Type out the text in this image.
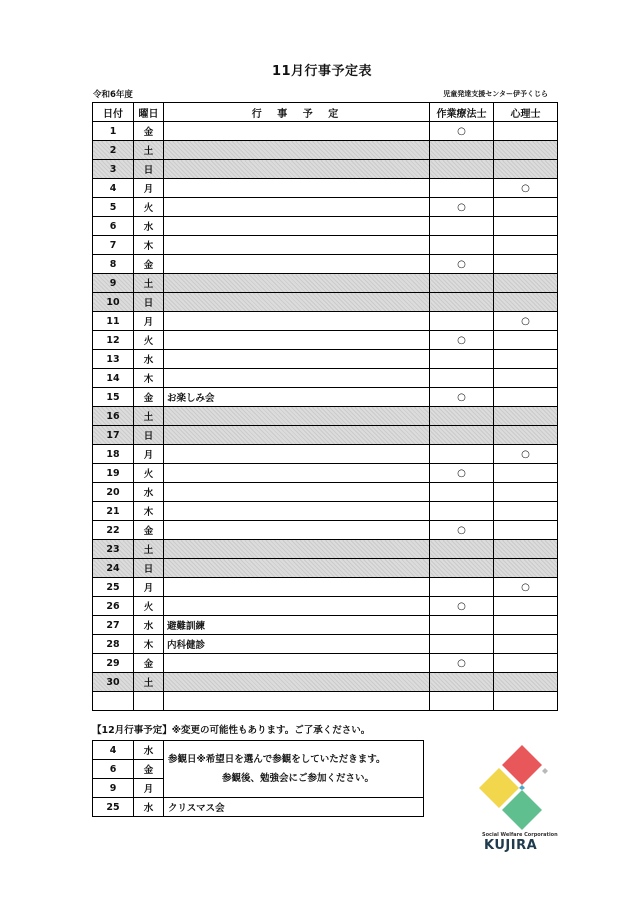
11月行事予定表
令和6年度	児童発達支援センター伊予くじら
日付	曜日	行 事 予 定	作業療法士	心理士
1	金		○	
2	土			
3	日			
4	月			○
5	火		○	
6	水			
7	木			
8	金		○	
9	土			
10	日			
11	月			○
12	火		○	
13	水			
14	木			
15	金	お楽しみ会	○	
16	土			
17	日			
18	月			○
19	火		○	
20	水			
21	木			
22	金		○	
23	土			
24	日			
25	月			○
26	火		○	
27	水	避難訓練		
28	木	内科健診		
29	金		○	
30	土			

【12月行事予定】※変更の可能性もあります。ご了承ください。
4	水	参観日※希望日を選んで参観をしていただきます。
参観後、勉強会にご参加ください。

6	金	
9	月	
25	水	クリスマス会
Social Welfare Corporation
KUJIRA
